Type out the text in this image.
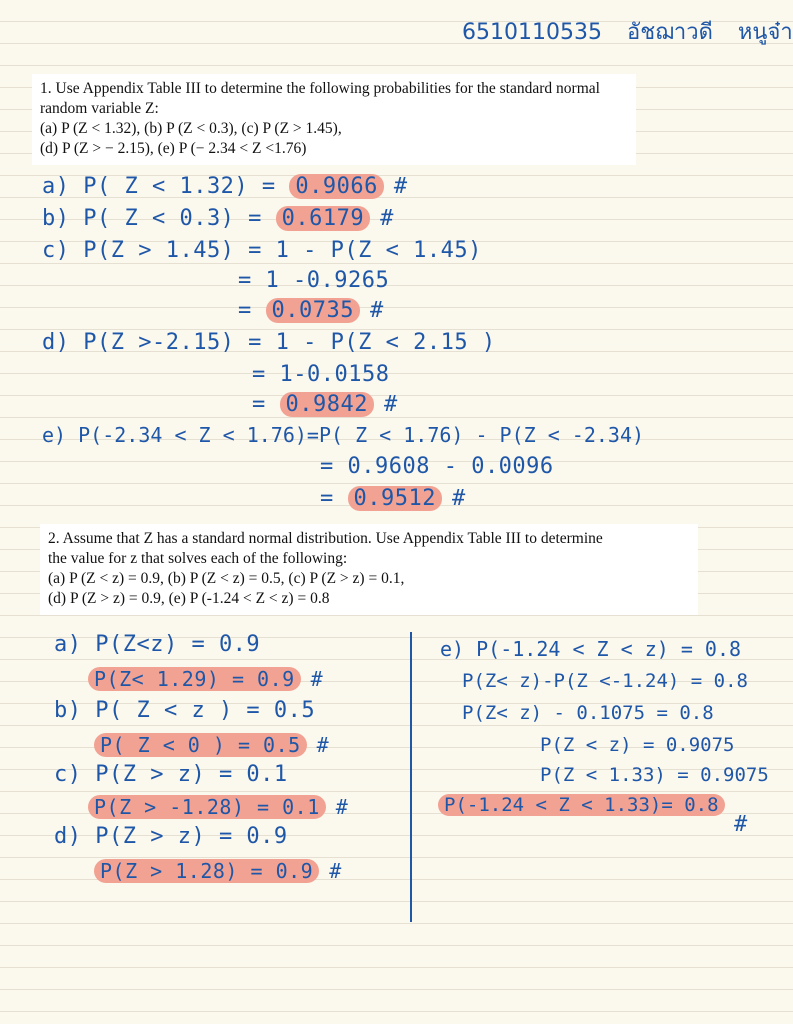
6510110535 อัชฌาวดี หนูจ๋า
1. Use Appendix Table III to determine the following probabilities for the standard normal
random variable Z:
(a) P (Z < 1.32), (b) P (Z < 0.3), (c) P (Z > 1.45),
(d) P (Z > − 2.15), (e) P (− 2.34 < Z <1.76)
a) P( Z < 1.32) = 0.9066 #
b) P( Z < 0.3) = 0.6179 #
c) P(Z > 1.45) = 1 - P(Z < 1.45)
= 1 -0.9265
= 0.0735 #
d) P(Z >-2.15) = 1 - P(Z < 2.15 )
= 1-0.0158
= 0.9842 #
e) P(-2.34 < Z < 1.76)=P( Z < 1.76) - P(Z < -2.34)
= 0.9608 - 0.0096
= 0.9512 #
2. Assume that Z has a standard normal distribution. Use Appendix Table III to determine
the value for z that solves each of the following:
(a) P (Z < z) = 0.9, (b) P (Z < z) = 0.5, (c) P (Z > z) = 0.1,
(d) P (Z > z) = 0.9, (e) P (-1.24 < Z < z) = 0.8
a) P(Z<z) = 0.9
P(Z< 1.29) = 0.9 #
b) P( Z < z ) = 0.5
P( Z < 0 ) = 0.5 #
c) P(Z > z) = 0.1
P(Z > -1.28) = 0.1 #
d) P(Z > z) = 0.9
P(Z > 1.28) = 0.9 #
e) P(-1.24 < Z < z) = 0.8
P(Z< z)-P(Z <-1.24) = 0.8
P(Z< z) - 0.1075 = 0.8
P(Z < z) = 0.9075
P(Z < 1.33) = 0.9075
P(-1.24 < Z < 1.33)= 0.8
#
